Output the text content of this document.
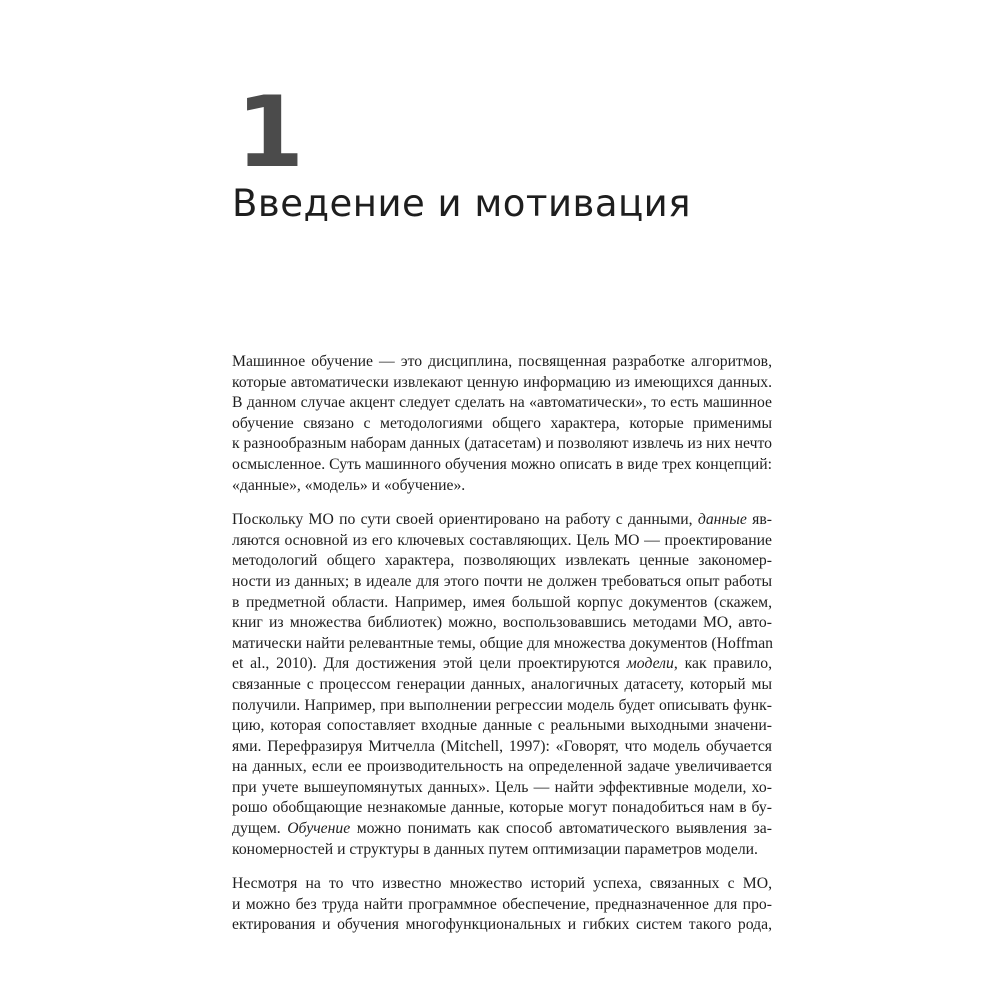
1
Введение и мотивация

Машинное обучение — это дисциплина, посвященная разработке алгоритмов,
которые автоматически извлекают ценную информацию из имеющихся данных.
В данном случае акцент следует сделать на «автоматически», то есть машинное
обучение связано с методологиями общего характера, которые применимы
к разнообразным наборам данных (датасетам) и позволяют извлечь из них нечто
осмысленное. Суть машинного обучения можно описать в виде трех концепций:
«данные», «модель» и «обучение».

Поскольку МО по сути своей ориентировано на работу с данными, данные яв-
ляются основной из его ключевых составляющих. Цель МО — проектирование
методологий общего характера, позволяющих извлекать ценные закономер-
ности из данных; в идеале для этого почти не должен требоваться опыт работы
в предметной области. Например, имея большой корпус документов (скажем,
книг из множества библиотек) можно, воспользовавшись методами МО, авто-
матически найти релевантные темы, общие для множества документов (Hoffman
et al., 2010). Для достижения этой цели проектируются модели, как правило,
связанные с процессом генерации данных, аналогичных датасету, который мы
получили. Например, при выполнении регрессии модель будет описывать функ-
цию, которая сопоставляет входные данные с реальными выходными значени-
ями. Перефразируя Митчелла (Mitchell, 1997): «Говорят, что модель обучается
на данных, если ее производительность на определенной задаче увеличивается
при учете вышеупомянутых данных». Цель — найти эффективные модели, хо-
рошо обобщающие незнакомые данные, которые могут понадобиться нам в бу-
дущем. Обучение можно понимать как способ автоматического выявления за-
кономерностей и структуры в данных путем оптимизации параметров модели.

Несмотря на то что известно множество историй успеха, связанных с МО,
и можно без труда найти программное обеспечение, предназначенное для про-
ектирования и обучения многофункциональных и гибких систем такого рода,
